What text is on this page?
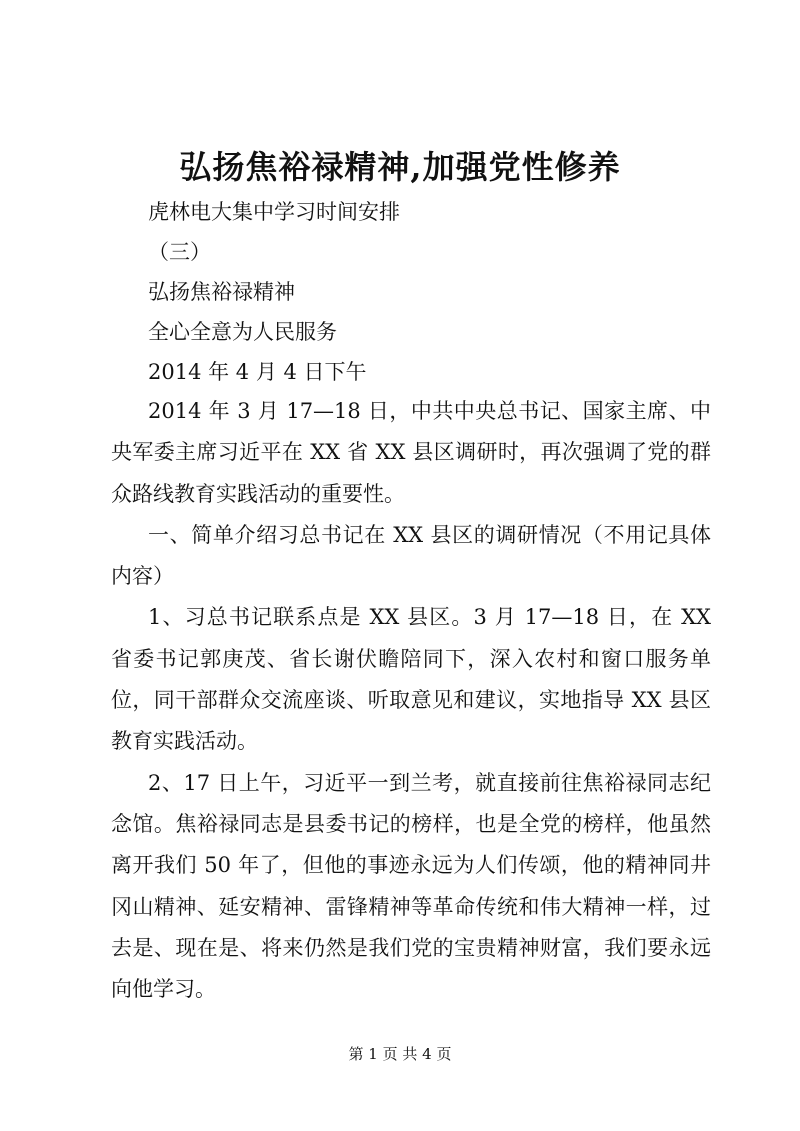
弘扬焦裕禄精神,加强党性修养
虎林电大集中学习时间安排
（三）
弘扬焦裕禄精神
全心全意为人民服务
2014 年 4 月 4 日下午

2014 年 3 月 17—18 日，中共中央总书记、国家主席、中央军委主席习近平在 XX 省 XX 县区调研时，再次强调了党的群众路线教育实践活动的重要性。

一、简单介绍习总书记在 XX 县区的调研情况（不用记具体内容）

1、习总书记联系点是 XX 县区。3 月 17—18 日，在 XX 省委书记郭庚茂、省长谢伏瞻陪同下，深入农村和窗口服务单位，同干部群众交流座谈、听取意见和建议，实地指导 XX 县区教育实践活动。

2、17 日上午，习近平一到兰考，就直接前往焦裕禄同志纪念馆。焦裕禄同志是县委书记的榜样，也是全党的榜样，他虽然离开我们 50 年了，但他的事迹永远为人们传颂，他的精神同井冈山精神、延安精神、雷锋精神等革命传统和伟大精神一样，过去是、现在是、将来仍然是我们党的宝贵精神财富，我们要永远向他学习。

第 1 页 共 4 页
